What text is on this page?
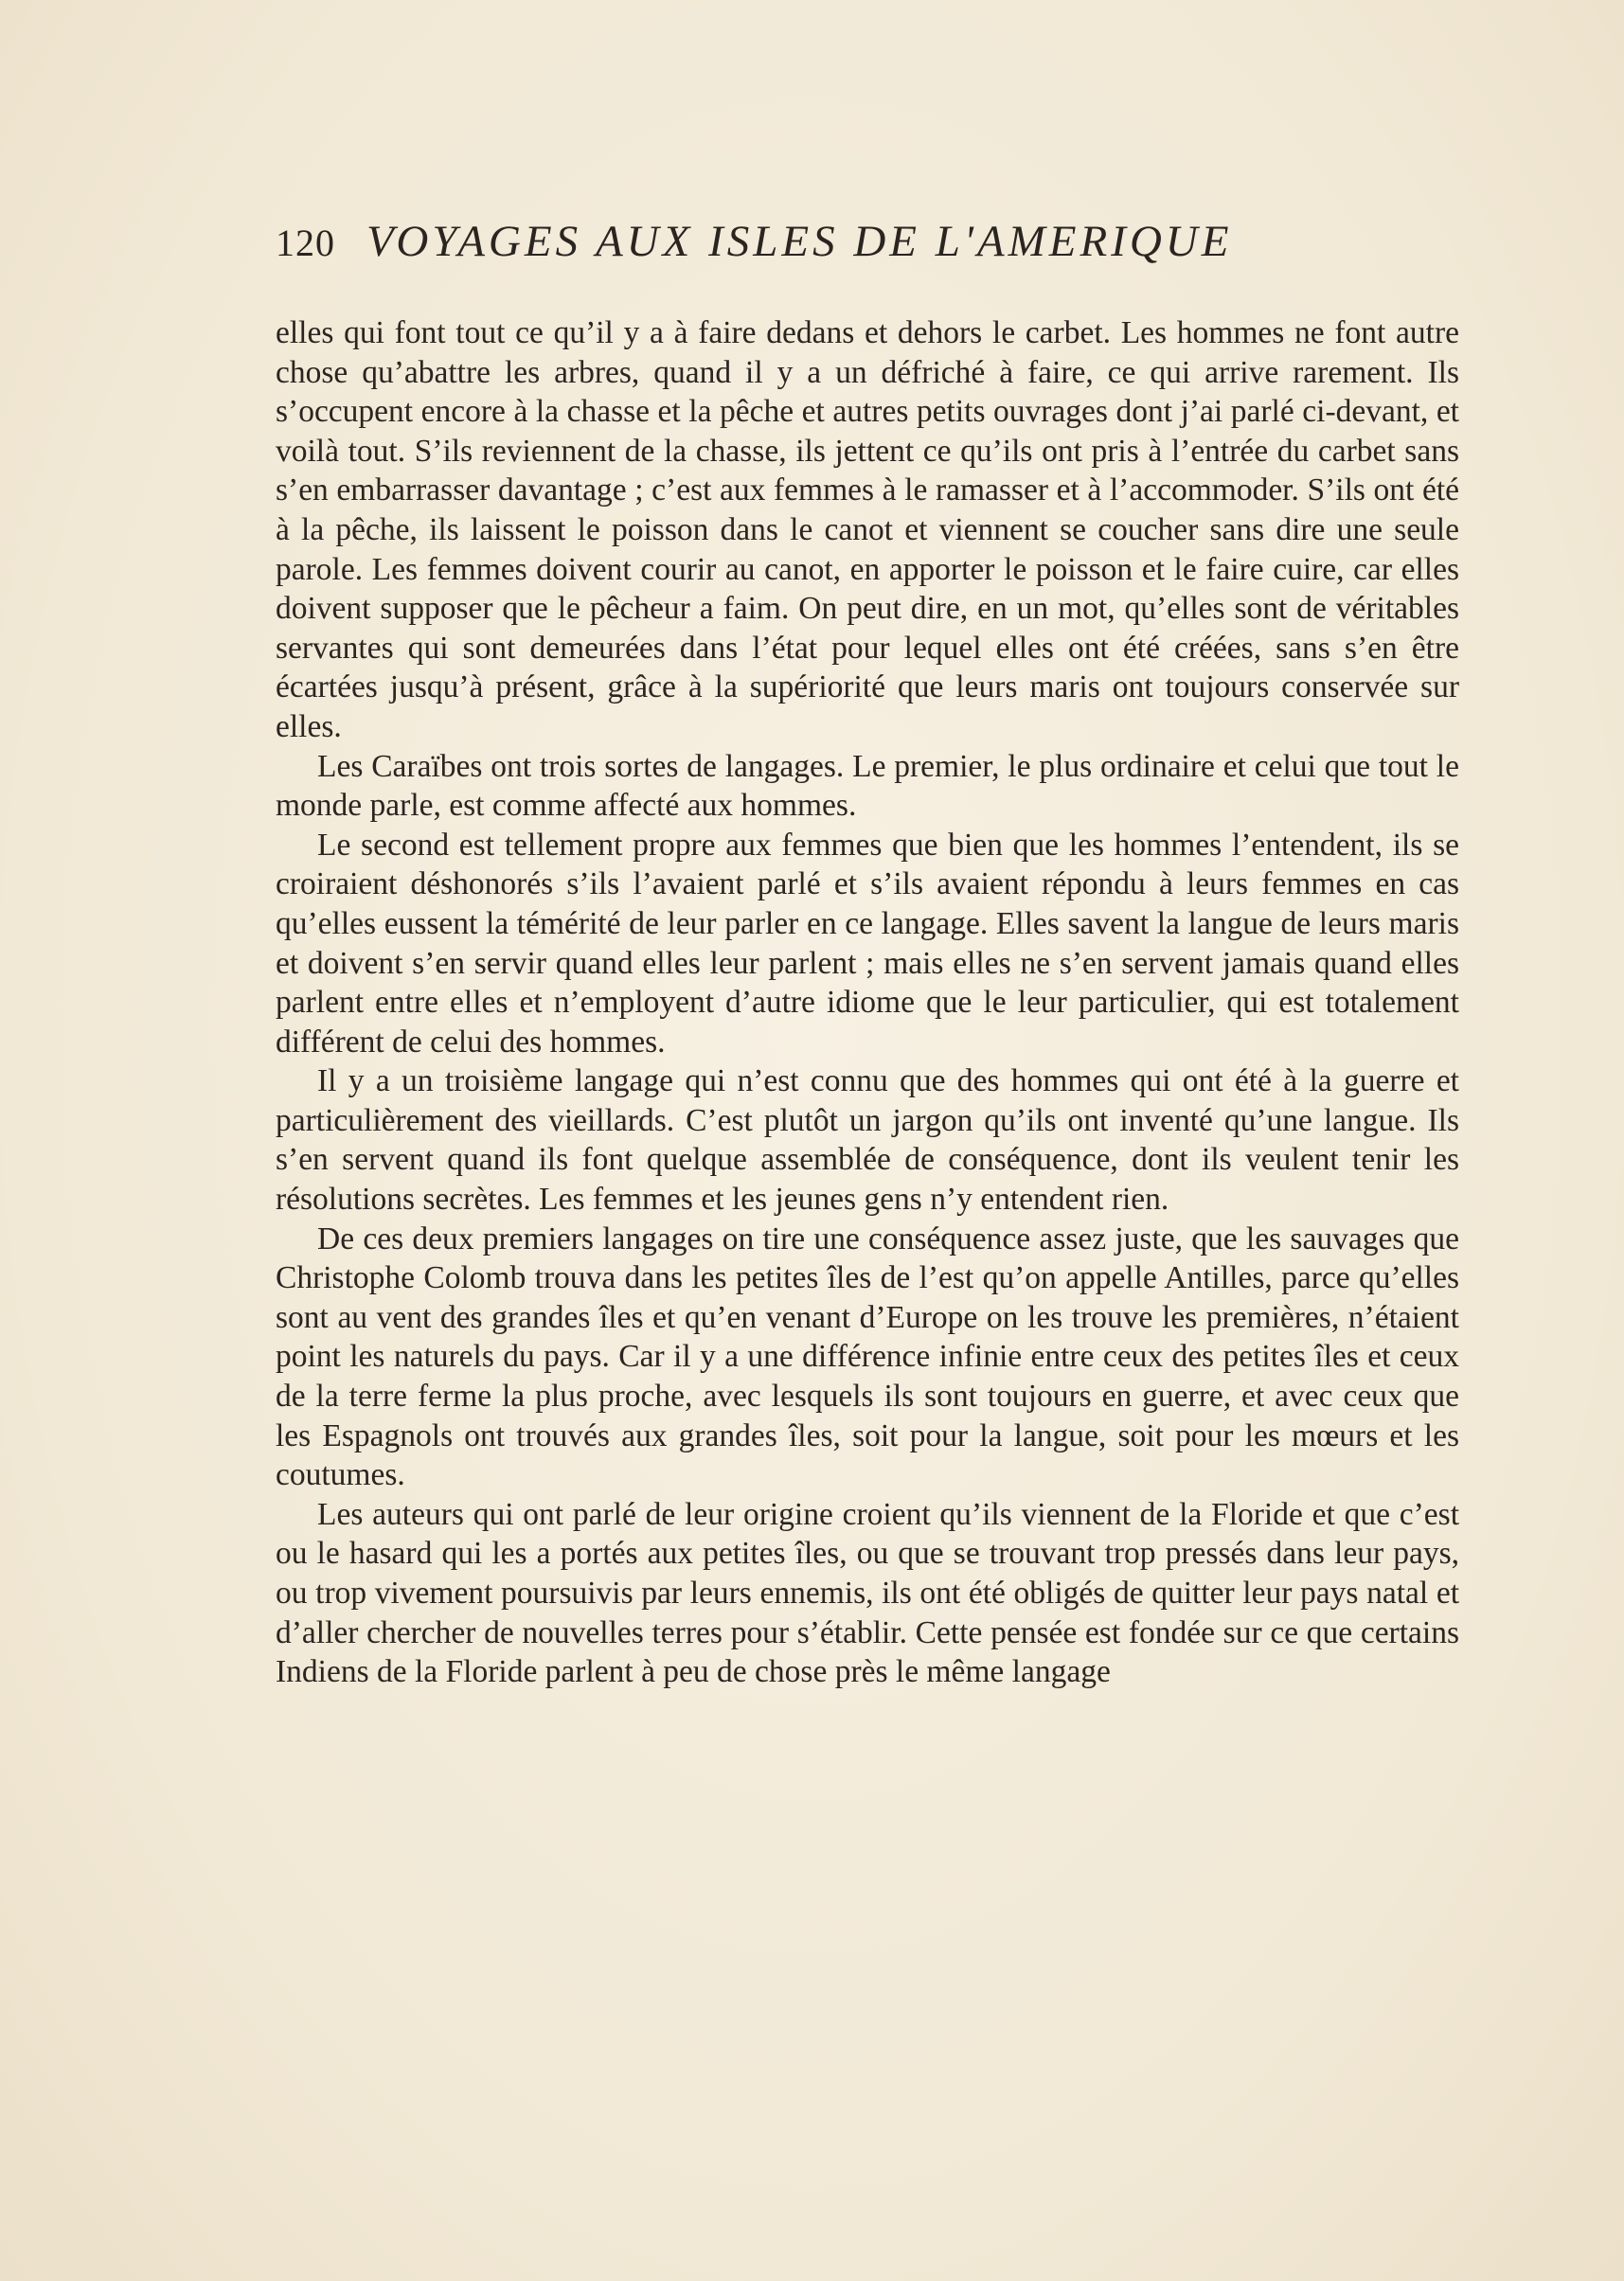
120 VOYAGES AUX ISLES DE L'AMERIQUE

elles qui font tout ce qu’il y a à faire dedans et dehors le carbet. Les hommes ne font autre chose qu’abattre les arbres, quand il y a un défriché à faire, ce qui arrive rarement. Ils s’occupent encore à la chasse et la pêche et autres petits ouvrages dont j’ai parlé ci-devant, et voilà tout. S’ils reviennent de la chasse, ils jettent ce qu’ils ont pris à l’entrée du carbet sans s’en embarrasser davantage ; c’est aux femmes à le ramasser et à l’accommoder. S’ils ont été à la pêche, ils laissent le poisson dans le canot et viennent se coucher sans dire une seule parole. Les femmes doivent courir au canot, en apporter le poisson et le faire cuire, car elles doivent supposer que le pêcheur a faim. On peut dire, en un mot, qu’elles sont de véritables servantes qui sont demeurées dans l’état pour lequel elles ont été créées, sans s’en être écartées jusqu’à présent, grâce à la supériorité que leurs maris ont toujours conservée sur elles.

Les Caraïbes ont trois sortes de langages. Le premier, le plus ordinaire et celui que tout le monde parle, est comme affecté aux hommes.

Le second est tellement propre aux femmes que bien que les hommes l’entendent, ils se croiraient déshonorés s’ils l’avaient parlé et s’ils avaient répondu à leurs femmes en cas qu’elles eussent la témérité de leur parler en ce langage. Elles savent la langue de leurs maris et doivent s’en servir quand elles leur parlent ; mais elles ne s’en servent jamais quand elles parlent entre elles et n’employent d’autre idiome que le leur particulier, qui est totalement différent de celui des hommes.

Il y a un troisième langage qui n’est connu que des hommes qui ont été à la guerre et particulièrement des vieillards. C’est plutôt un jargon qu’ils ont inventé qu’une langue. Ils s’en servent quand ils font quelque assemblée de conséquence, dont ils veulent tenir les résolutions secrètes. Les femmes et les jeunes gens n’y entendent rien.

De ces deux premiers langages on tire une conséquence assez juste, que les sauvages que Christophe Colomb trouva dans les petites îles de l’est qu’on appelle Antilles, parce qu’elles sont au vent des grandes îles et qu’en venant d’Europe on les trouve les premières, n’étaient point les naturels du pays. Car il y a une différence infinie entre ceux des petites îles et ceux de la terre ferme la plus proche, avec lesquels ils sont toujours en guerre, et avec ceux que les Espagnols ont trouvés aux grandes îles, soit pour la langue, soit pour les mœurs et les coutumes.

Les auteurs qui ont parlé de leur origine croient qu’ils viennent de la Floride et que c’est ou le hasard qui les a portés aux petites îles, ou que se trouvant trop pressés dans leur pays, ou trop vivement poursuivis par leurs ennemis, ils ont été obligés de quitter leur pays natal et d’aller chercher de nouvelles terres pour s’établir. Cette pensée est fondée sur ce que certains Indiens de la Floride parlent à peu de chose près le même langage
